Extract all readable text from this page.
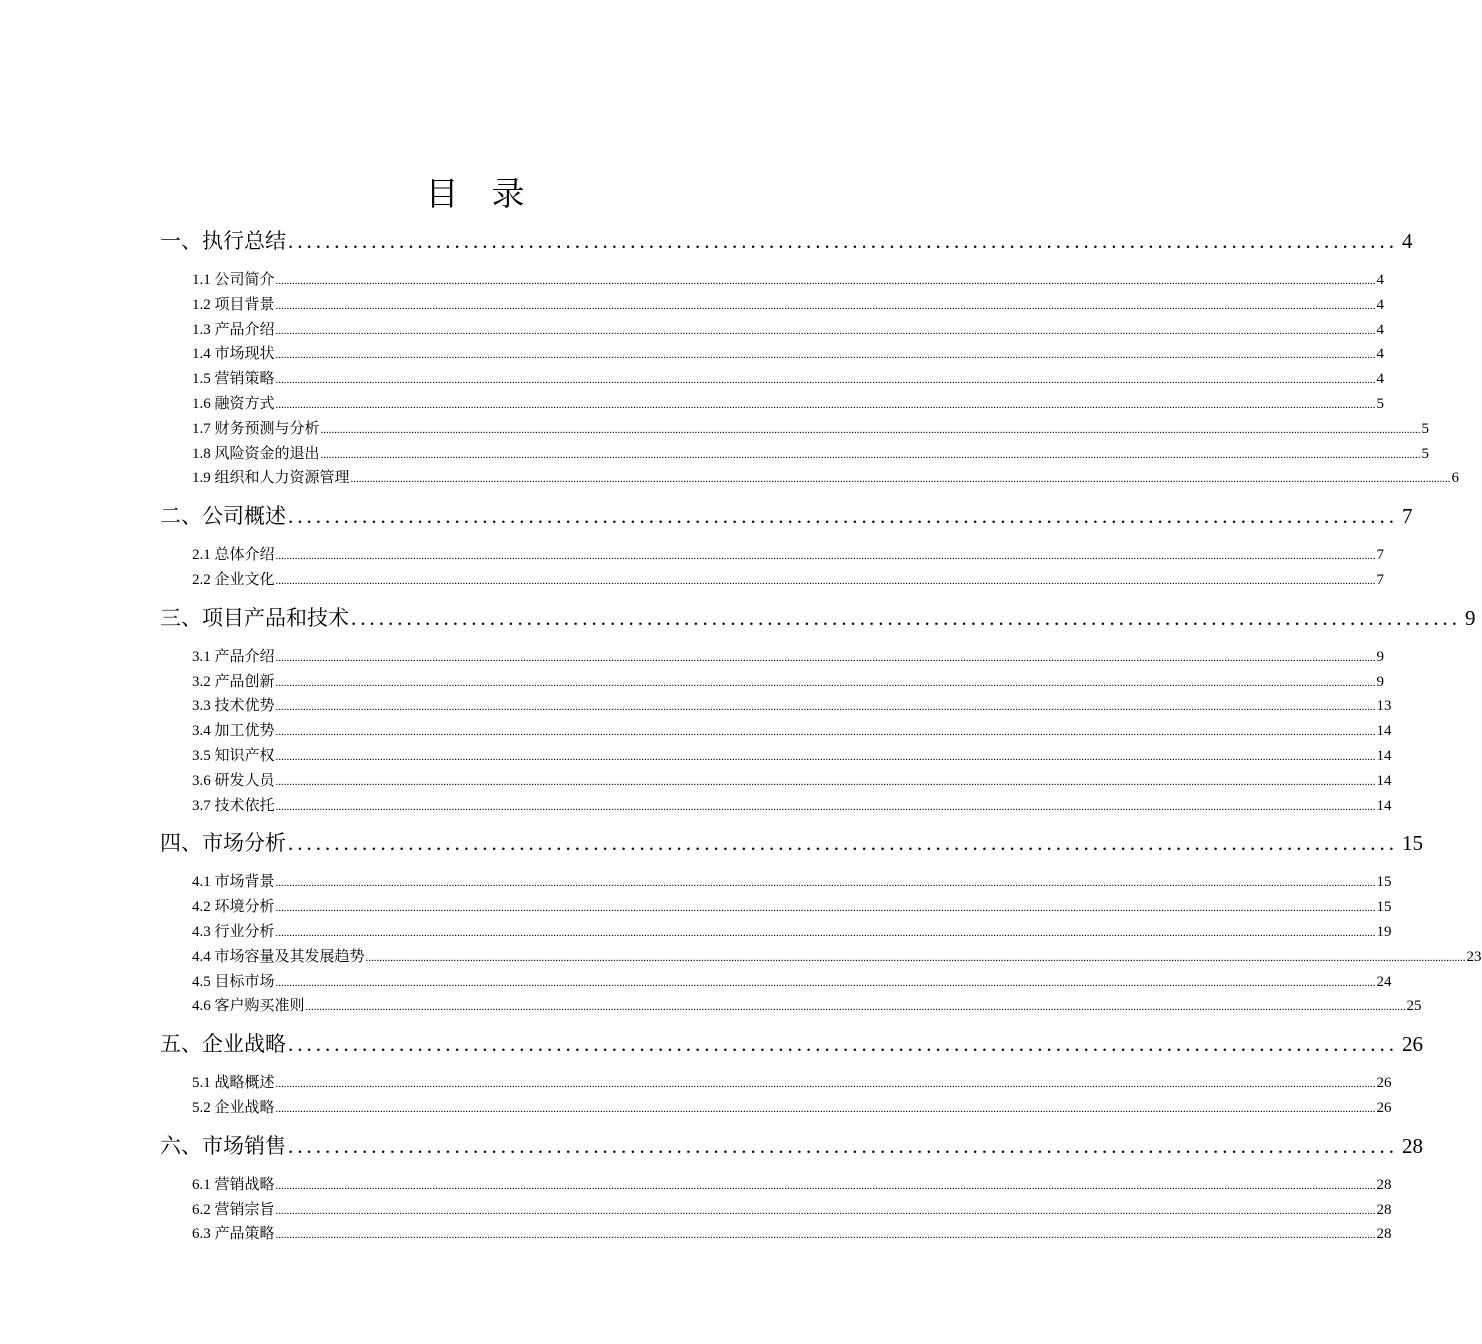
目　录
一、执行总结 ........................................................................................................................ 4
1.1 公司简介 ................................................................................................................................................................................................................................................................................................................................................................................................................ 4
1.2 项目背景 ................................................................................................................................................................................................................................................................................................................................................................................................................ 4
1.3 产品介绍 ................................................................................................................................................................................................................................................................................................................................................................................................................ 4
1.4 市场现状 ................................................................................................................................................................................................................................................................................................................................................................................................................ 4
1.5 营销策略 ................................................................................................................................................................................................................................................................................................................................................................................................................ 4
1.6 融资方式 ................................................................................................................................................................................................................................................................................................................................................................................................................ 5
1.7 财务预测与分析 ................................................................................................................................................................................................................................................................................................................................................................................................................ 5
1.8 风险资金的退出 ................................................................................................................................................................................................................................................................................................................................................................................................................ 5
1.9 组织和人力资源管理 ................................................................................................................................................................................................................................................................................................................................................................................................................ 6
二、公司概述 ........................................................................................................................ 7
2.1 总体介绍 ................................................................................................................................................................................................................................................................................................................................................................................................................ 7
2.2 企业文化 ................................................................................................................................................................................................................................................................................................................................................................................................................ 7
三、项目产品和技术 ........................................................................................................................ 9
3.1 产品介绍 ................................................................................................................................................................................................................................................................................................................................................................................................................ 9
3.2 产品创新 ................................................................................................................................................................................................................................................................................................................................................................................................................ 9
3.3 技术优势 ................................................................................................................................................................................................................................................................................................................................................................................................................ 13
3.4 加工优势 ................................................................................................................................................................................................................................................................................................................................................................................................................ 14
3.5 知识产权 ................................................................................................................................................................................................................................................................................................................................................................................................................ 14
3.6 研发人员 ................................................................................................................................................................................................................................................................................................................................................................................................................ 14
3.7 技术依托 ................................................................................................................................................................................................................................................................................................................................................................................................................ 14
四、市场分析 ........................................................................................................................ 15
4.1 市场背景 ................................................................................................................................................................................................................................................................................................................................................................................................................ 15
4.2 环境分析 ................................................................................................................................................................................................................................................................................................................................................................................................................ 15
4.3 行业分析 ................................................................................................................................................................................................................................................................................................................................................................................................................ 19
4.4 市场容量及其发展趋势 ................................................................................................................................................................................................................................................................................................................................................................................................................ 23
4.5 目标市场 ................................................................................................................................................................................................................................................................................................................................................................................................................ 24
4.6 客户购买准则 ................................................................................................................................................................................................................................................................................................................................................................................................................ 25
五、企业战略 ........................................................................................................................ 26
5.1 战略概述 ................................................................................................................................................................................................................................................................................................................................................................................................................ 26
5.2 企业战略 ................................................................................................................................................................................................................................................................................................................................................................................................................ 26
六、市场销售 ........................................................................................................................ 28
6.1 营销战略 ................................................................................................................................................................................................................................................................................................................................................................................................................ 28
6.2 营销宗旨 ................................................................................................................................................................................................................................................................................................................................................................................................................ 28
6.3 产品策略 ................................................................................................................................................................................................................................................................................................................................................................................................................ 28
